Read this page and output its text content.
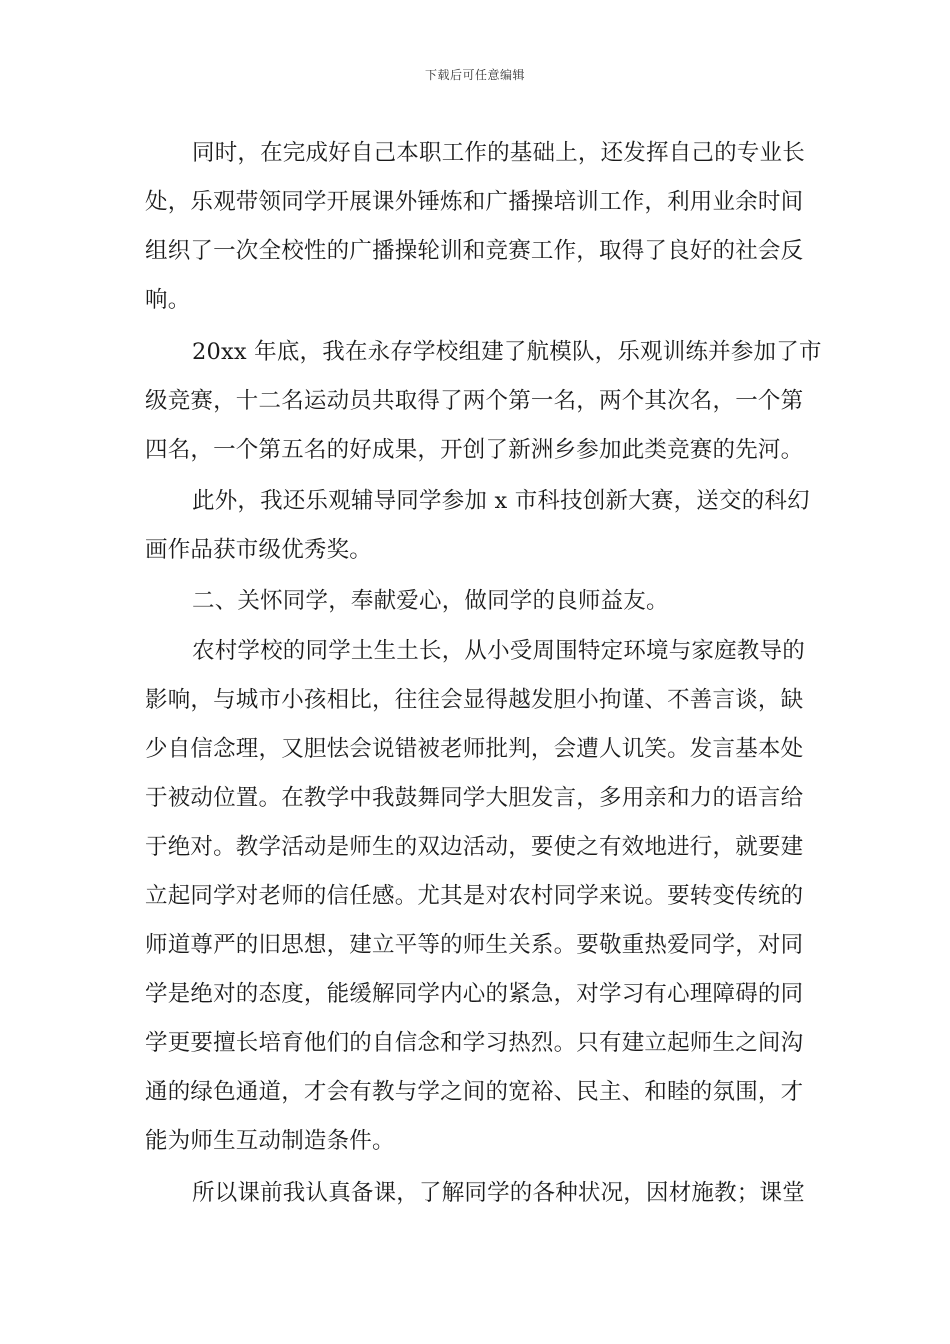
下载后可任意编辑
同时，在完成好自己本职工作的基础上，还发挥自己的专业长
处，乐观带领同学开展课外锤炼和广播操培训工作，利用业余时间
组织了一次全校性的广播操轮训和竞赛工作，取得了良好的社会反
响。
20xx 年底，我在永存学校组建了航模队，乐观训练并参加了市
级竞赛，十二名运动员共取得了两个第一名，两个其次名，一个第
四名，一个第五名的好成果，开创了新洲乡参加此类竞赛的先河。
此外，我还乐观辅导同学参加 x 市科技创新大赛，送交的科幻
画作品获市级优秀奖。
二、关怀同学，奉献爱心，做同学的良师益友。
农村学校的同学土生土长，从小受周围特定环境与家庭教导的
影响，与城市小孩相比，往往会显得越发胆小拘谨、不善言谈，缺
少自信念理，又胆怯会说错被老师批判，会遭人讥笑。发言基本处
于被动位置。在教学中我鼓舞同学大胆发言，多用亲和力的语言给
于绝对。教学活动是师生的双边活动，要使之有效地进行，就要建
立起同学对老师的信任感。尤其是对农村同学来说。要转变传统的
师道尊严的旧思想，建立平等的师生关系。要敬重热爱同学，对同
学是绝对的态度，能缓解同学内心的紧急，对学习有心理障碍的同
学更要擅长培育他们的自信念和学习热烈。只有建立起师生之间沟
通的绿色通道，才会有教与学之间的宽裕、民主、和睦的氛围，才
能为师生互动制造条件。
所以课前我认真备课，了解同学的各种状况，因材施教；课堂
